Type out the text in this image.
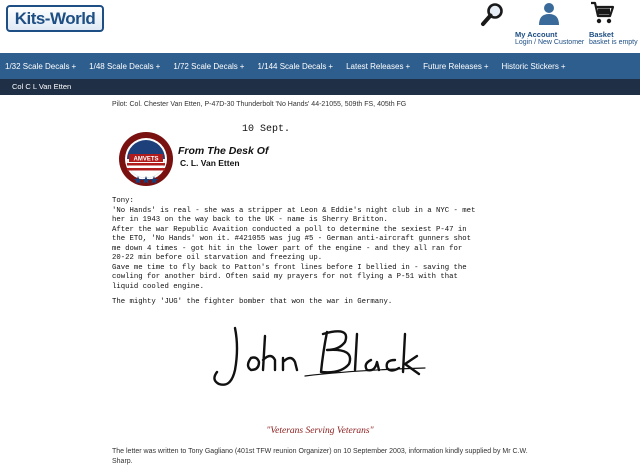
Kits-World
My Account
Login / New Customer
Basket
basket is empty
1/32 Scale Decals + 1/48 Scale Decals + 1/72 Scale Decals + 1/144 Scale Decals + Latest Releases + Future Releases + Historic Stickers +
Col C L Van Etten
Pilot: Col. Chester Van Etten, P-47D-30 Thunderbolt 'No Hands' 44-21055, 509th FS, 405th FG
10 Sept.
AMVETS
From The Desk Of
C. L. Van Etten

Tony:

'No Hands' is real - she was a stripper at Leon & Eddie's night club in a NYC - met

her in 1943 on the way back to the UK - name is Sherry Britton.

After the war Republic Avaition conducted a poll to determine the sexiest P-47 in

the ETO, 'No Hands' won it. #421055 was jug #5 - German anti-aircraft gunners shot

me down 4 times - got hit in the lower part of the engine - and they all ran for

20-22 min before oil starvation and freezing up.

Gave me time to fly back to Patton's front lines before I bellied in - saving the

cowling for another bird. Often said my prayers for not flying a P-51 with that

liquid cooled engine.

The mighty 'JUG' the fighter bomber that won the war in Germany.

"Veterans Serving Veterans"
The letter was written to Tony Gagliano (401st TFW reunion Organizer) on 10 September 2003, information kindly supplied by Mr C.W. Sharp.
